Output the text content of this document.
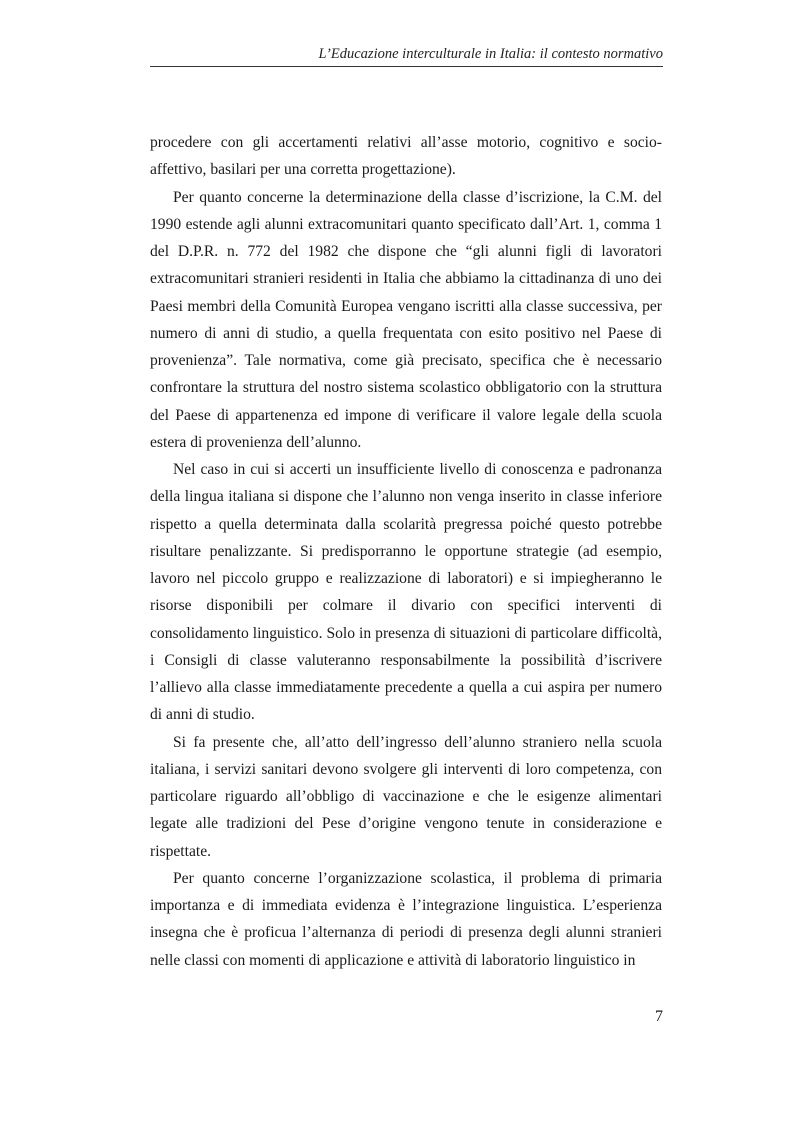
L’Educazione interculturale in Italia: il contesto normativo

procedere con gli accertamenti relativi all’asse motorio, cognitivo e socio-affettivo, basilari per una corretta progettazione).

Per quanto concerne la determinazione della classe d’iscrizione, la C.M. del 1990 estende agli alunni extracomunitari quanto specificato dall’Art. 1, comma 1 del D.P.R. n. 772 del 1982 che dispone che “gli alunni figli di lavoratori extracomunitari stranieri residenti in Italia che abbiamo la cittadinanza di uno dei Paesi membri della Comunità Europea vengano iscritti alla classe successiva, per numero di anni di studio, a quella frequentata con esito positivo nel Paese di provenienza”. Tale normativa, come già precisato, specifica che è necessario confrontare la struttura del nostro sistema scolastico obbligatorio con la struttura del Paese di appartenenza ed impone di verificare il valore legale della scuola estera di provenienza dell’alunno.

Nel caso in cui si accerti un insufficiente livello di conoscenza e padronanza della lingua italiana si dispone che l’alunno non venga inserito in classe inferiore rispetto a quella determinata dalla scolarità pregressa poiché questo potrebbe risultare penalizzante. Si predisporranno le opportune strategie (ad esempio, lavoro nel piccolo gruppo e realizzazione di laboratori) e si impiegheranno le risorse disponibili per colmare il divario con specifici interventi di consolidamento linguistico. Solo in presenza di situazioni di particolare difficoltà, i Consigli di classe valuteranno responsabilmente la possibilità d’iscrivere l’allievo alla classe immediatamente precedente a quella a cui aspira per numero di anni di studio.

Si fa presente che, all’atto dell’ingresso dell’alunno straniero nella scuola italiana, i servizi sanitari devono svolgere gli interventi di loro competenza, con particolare riguardo all’obbligo di vaccinazione e che le esigenze alimentari legate alle tradizioni del Pese d’origine vengono tenute in considerazione e rispettate.

Per quanto concerne l’organizzazione scolastica, il problema di primaria importanza e di immediata evidenza è l’integrazione linguistica. L’esperienza insegna che è proficua l’alternanza di periodi di presenza degli alunni stranieri nelle classi con momenti di applicazione e attività di laboratorio linguistico in

7
